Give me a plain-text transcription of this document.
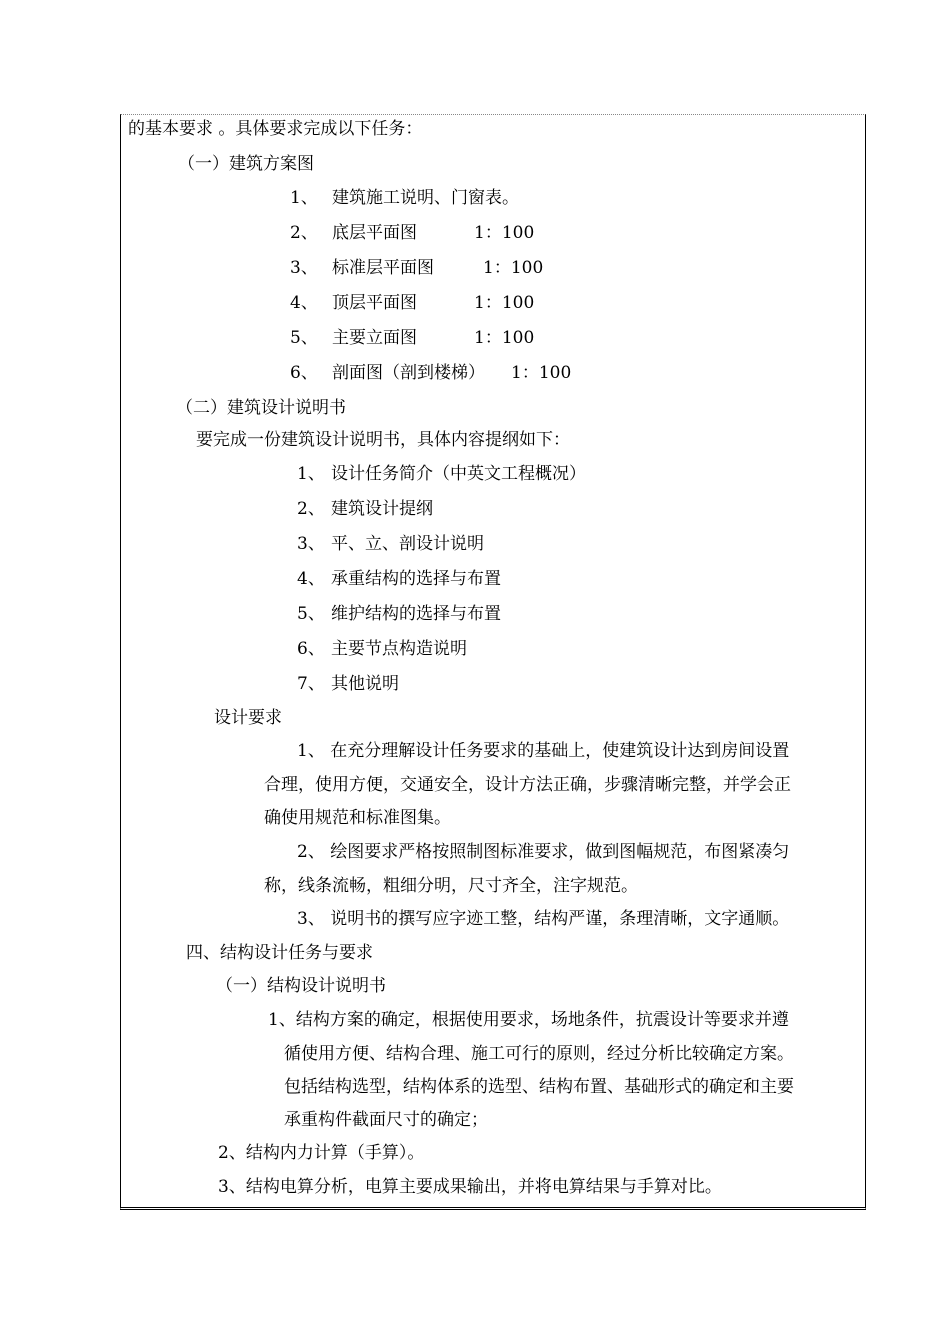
的基本要求 。具体要求完成以下任务：
（一）建筑方案图
1、 建筑施工说明、门窗表。
2、 底层平面图	1：100
3、 标准层平面图	1：100
4、 顶层平面图	1：100
5、 主要立面图	1：100
6、 剖面图（剖到楼梯） 1：100
（二）建筑设计说明书
要完成一份建筑设计说明书，具体内容提纲如下：
1、 设计任务简介（中英文工程概况）
2、 建筑设计提纲
3、 平、立、剖设计说明
4、 承重结构的选择与布置
5、 维护结构的选择与布置
6、 主要节点构造说明
7、 其他说明
设计要求
1、 在充分理解设计任务要求的基础上，使建筑设计达到房间设置
合理，使用方便，交通安全，设计方法正确，步骤清晰完整，并学会正
确使用规范和标准图集。
2、 绘图要求严格按照制图标准要求，做到图幅规范，布图紧凑匀
称，线条流畅，粗细分明，尺寸齐全，注字规范。
3、 说明书的撰写应字迹工整，结构严谨，条理清晰，文字通顺。
四、结构设计任务与要求
（一）结构设计说明书
1、结构方案的确定，根据使用要求，场地条件，抗震设计等要求并遵
循使用方便、结构合理、施工可行的原则，经过分析比较确定方案。
包括结构选型，结构体系的选型、结构布置、基础形式的确定和主要
承重构件截面尺寸的确定；
2、结构内力计算（手算）。
3、结构电算分析，电算主要成果输出，并将电算结果与手算对比。
